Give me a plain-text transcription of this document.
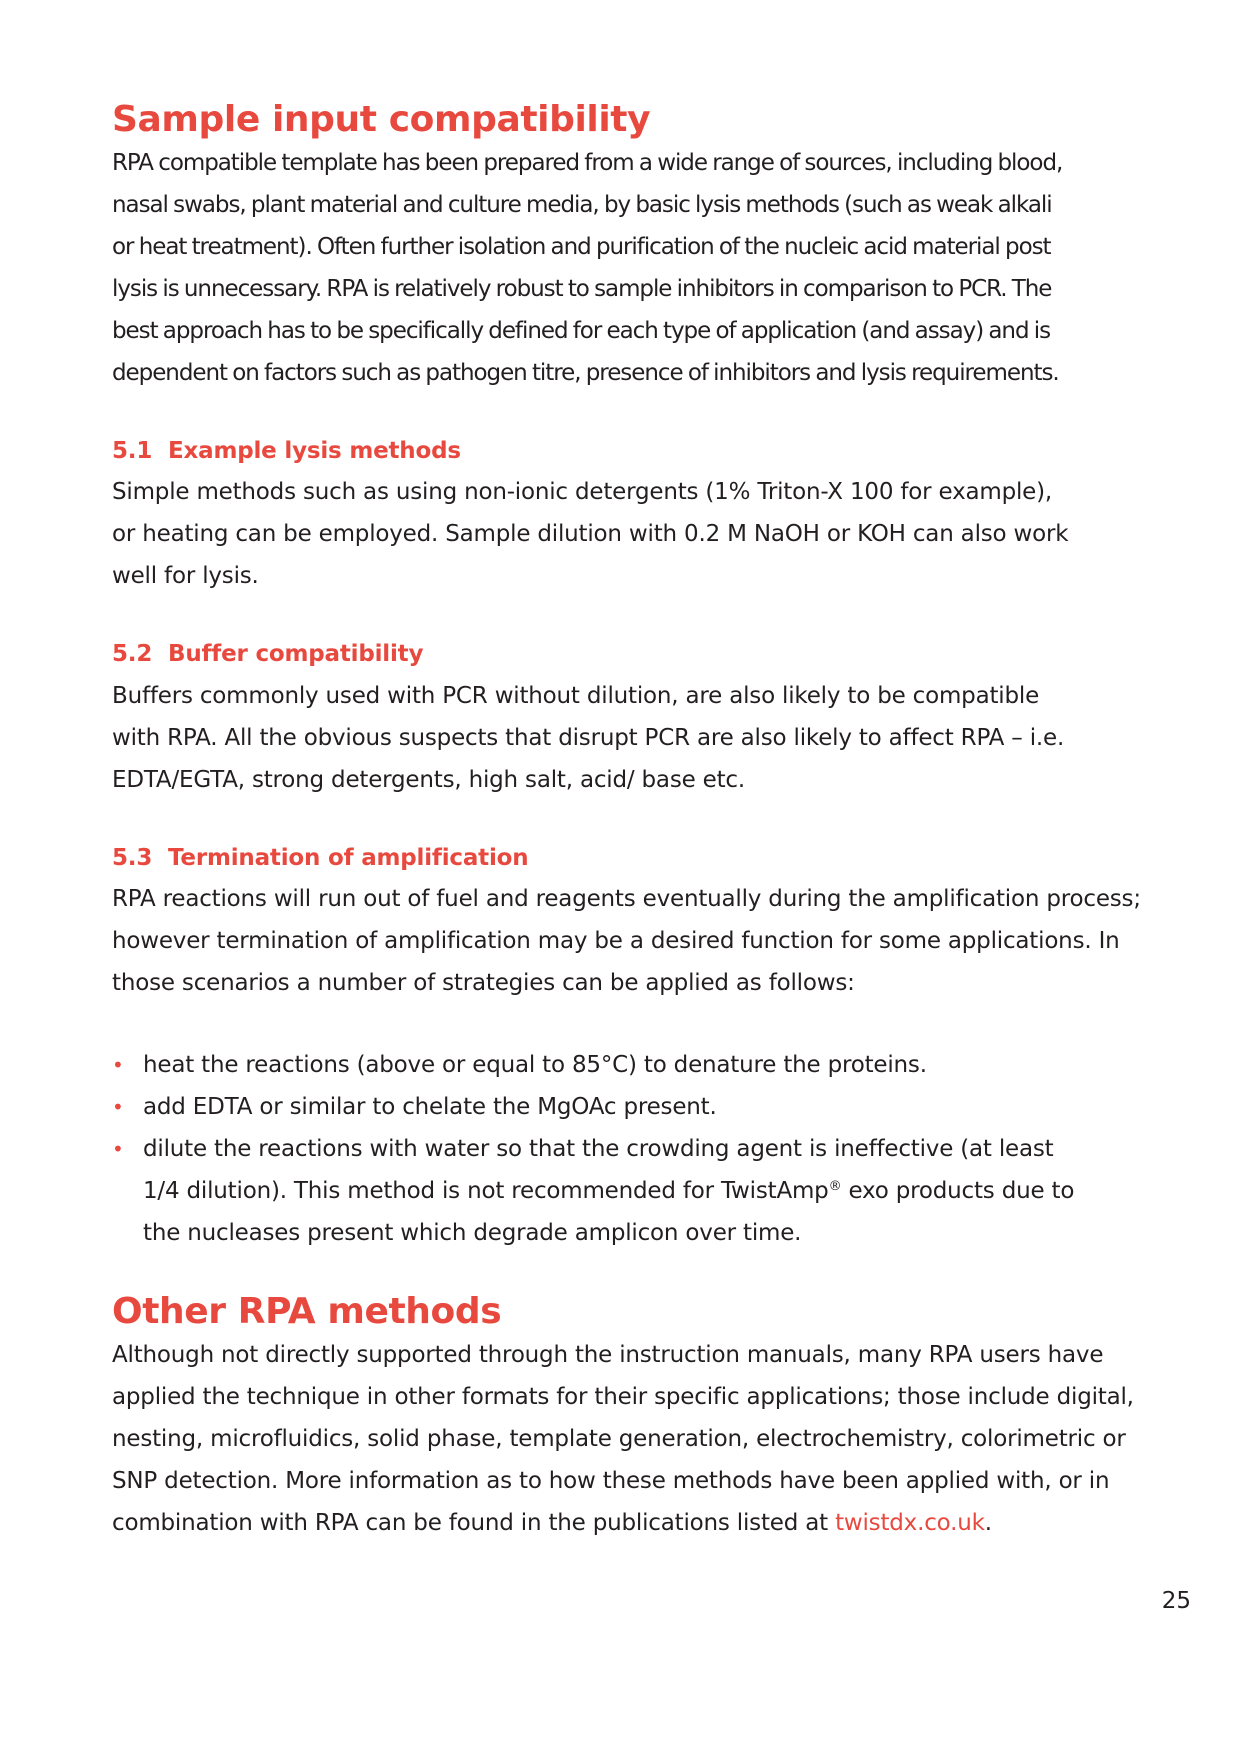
Sample input compatibility

RPA compatible template has been prepared from a wide range of sources, including blood,
nasal swabs, plant material and culture media, by basic lysis methods (such as weak alkali
or heat treatment). Often further isolation and purification of the nucleic acid material post
lysis is unnecessary. RPA is relatively robust to sample inhibitors in comparison to PCR. The
best approach has to be specifically defined for each type of application (and assay) and is
dependent on factors such as pathogen titre, presence of inhibitors and lysis requirements.

5.1 Example lysis methods

Simple methods such as using non-ionic detergents (1% Triton-X 100 for example),
or heating can be employed. Sample dilution with 0.2 M NaOH or KOH can also work
well for lysis.

5.2 Buffer compatibility

Buffers commonly used with PCR without dilution, are also likely to be compatible
with RPA. All the obvious suspects that disrupt PCR are also likely to affect RPA – i.e.
EDTA/EGTA, strong detergents, high salt, acid/ base etc.

5.3 Termination of amplification

RPA reactions will run out of fuel and reagents eventually during the amplification process;
however termination of amplification may be a desired function for some applications. In
those scenarios a number of strategies can be applied as follows:

• heat the reactions (above or equal to 85°C) to denature the proteins.
• add EDTA or similar to chelate the MgOAc present.
• dilute the reactions with water so that the crowding agent is ineffective (at least
1/4 dilution). This method is not recommended for TwistAmp® exo products due to
the nucleases present which degrade amplicon over time.
Other RPA methods

Although not directly supported through the instruction manuals, many RPA users have
applied the technique in other formats for their specific applications; those include digital,
nesting, microfluidics, solid phase, template generation, electrochemistry, colorimetric or
SNP detection. More information as to how these methods have been applied with, or in
combination with RPA can be found in the publications listed at twistdx.co.uk.

25
